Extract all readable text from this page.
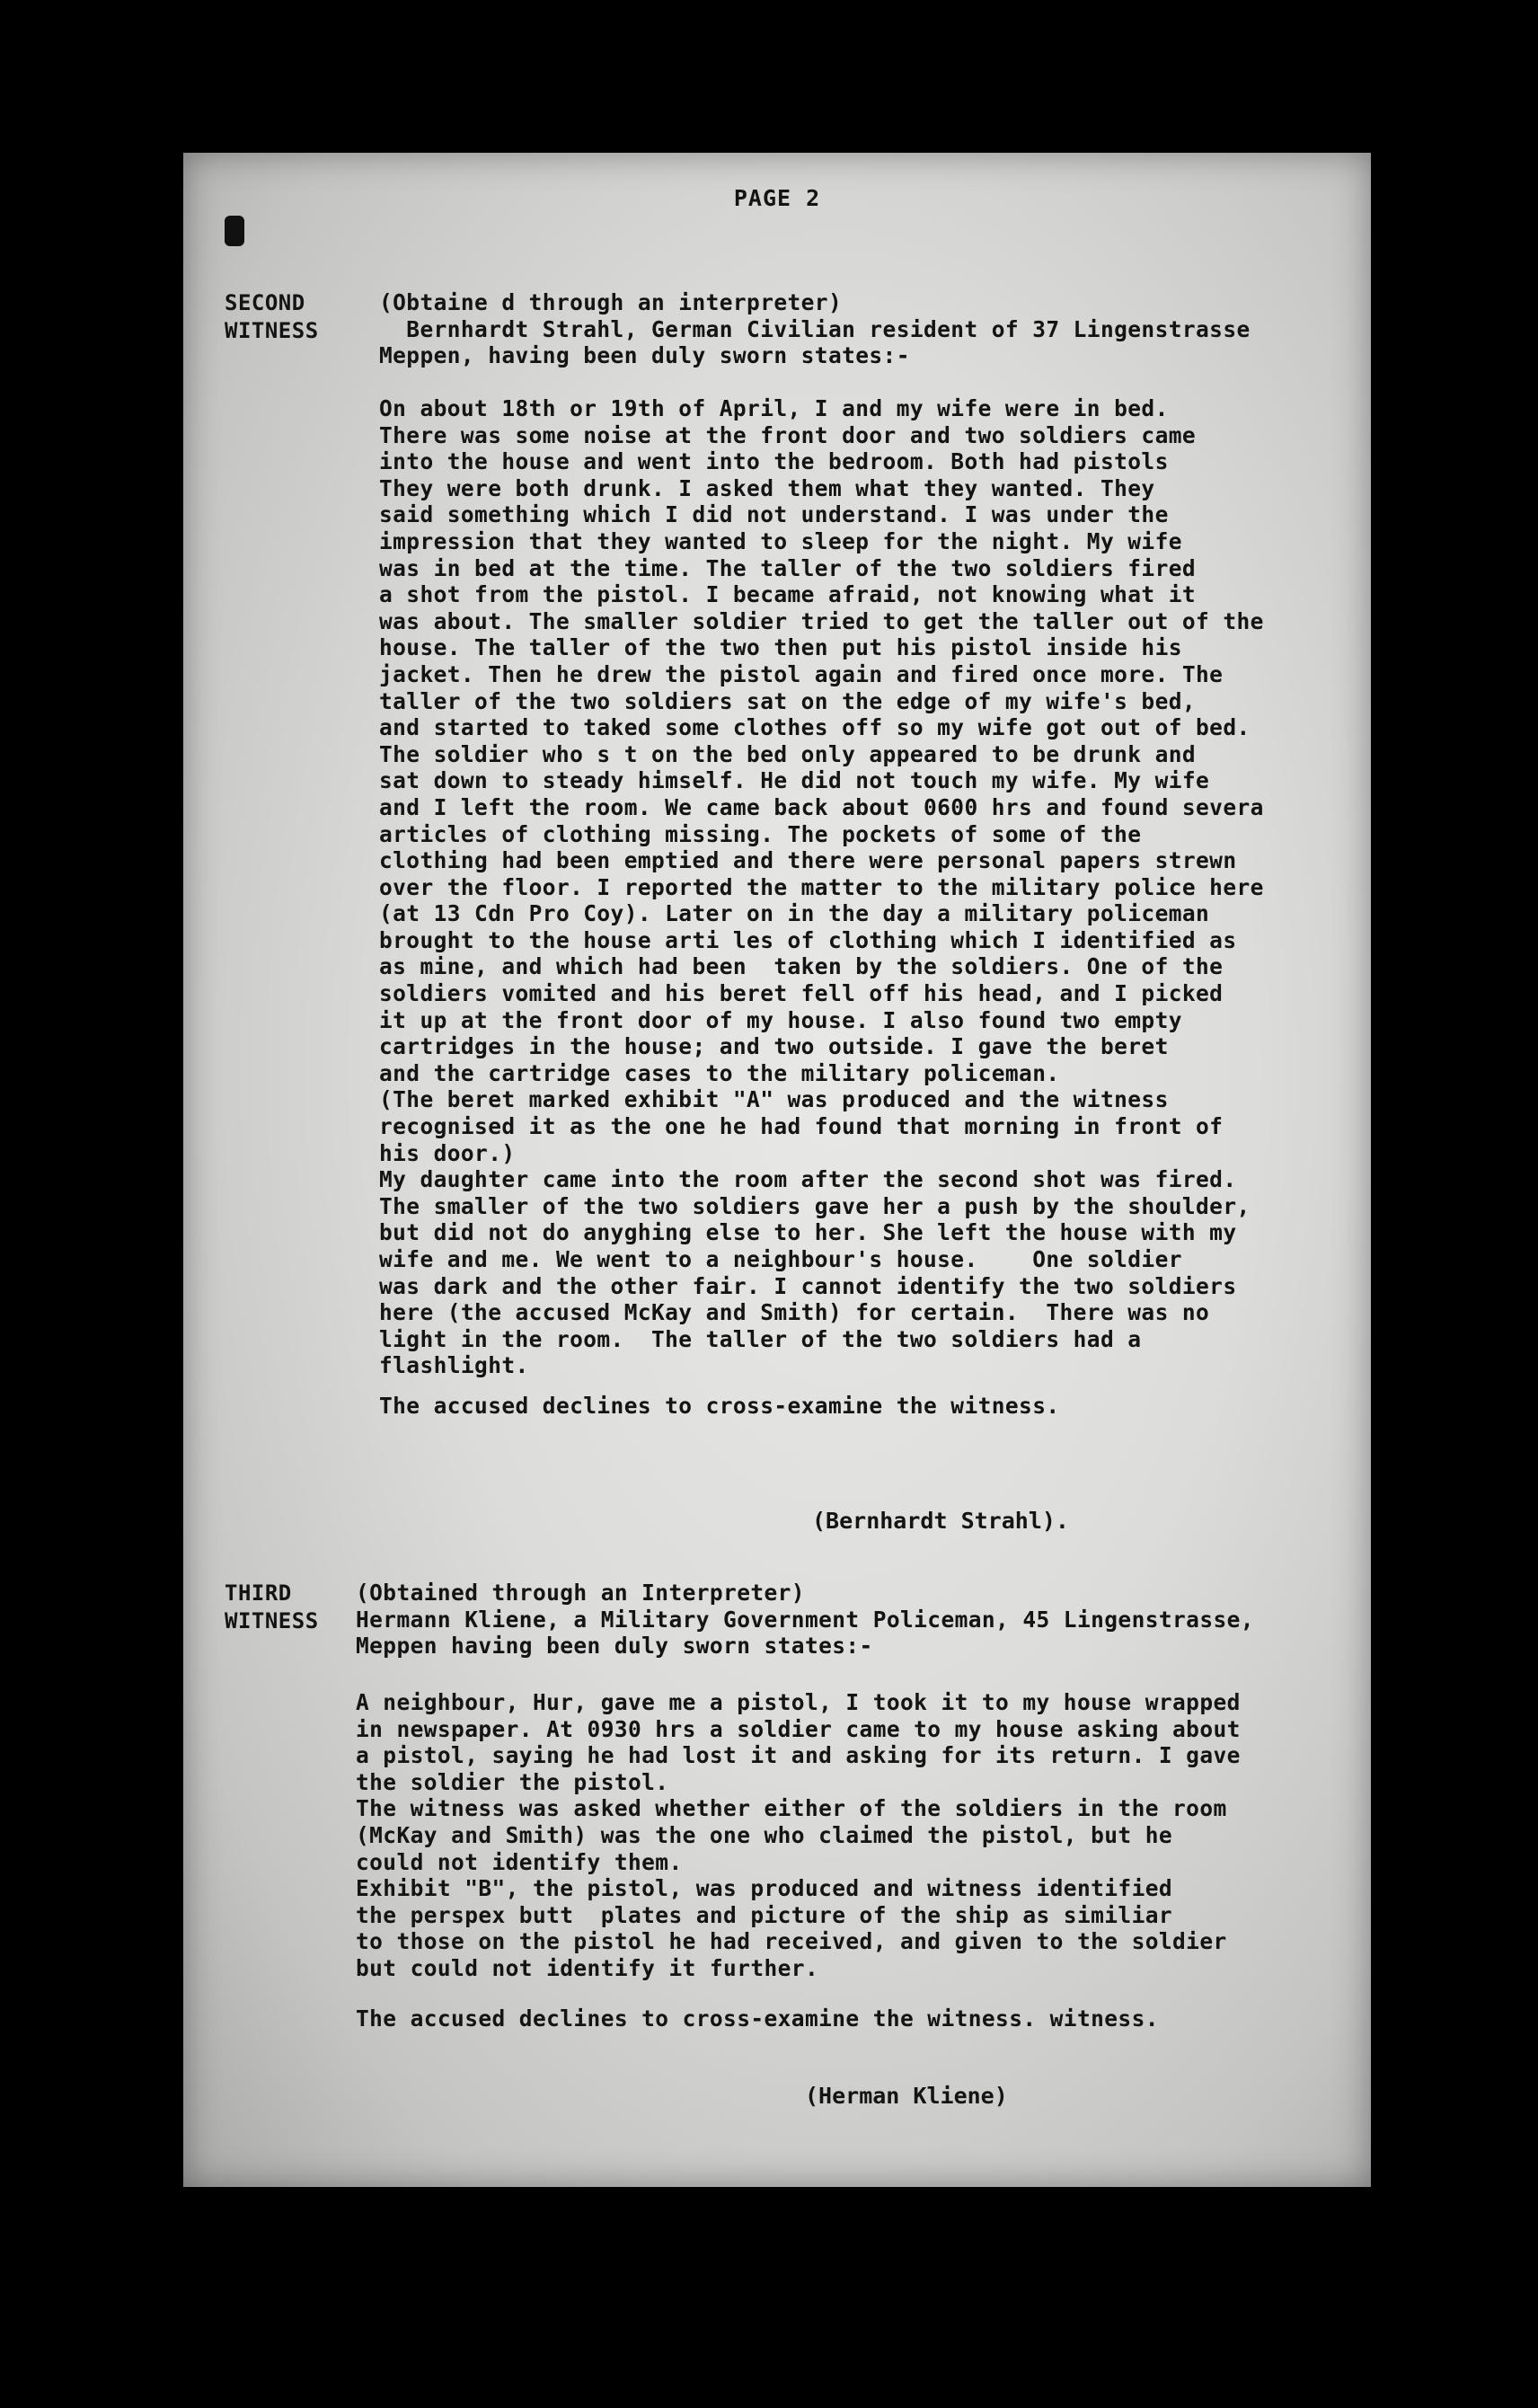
PAGE 2
SECOND
WITNESS
(Obtaine d through an interpreter)
Bernhardt Strahl, German Civilian resident of 37 Lingenstrasse
Meppen, having been duly sworn states:-
On about 18th or 19th of April, I and my wife were in bed.
There was some noise at the front door and two soldiers came
into the house and went into the bedroom. Both had pistols
They were both drunk. I asked them what they wanted. They
said something which I did not understand. I was under the
impression that they wanted to sleep for the night. My wife
was in bed at the time. The taller of the two soldiers fired
a shot from the pistol. I became afraid, not knowing what it
was about. The smaller soldier tried to get the taller out of the
house. The taller of the two then put his pistol inside his
jacket. Then he drew the pistol again and fired once more. The
taller of the two soldiers sat on the edge of my wife's bed,
and started to taked some clothes off so my wife got out of bed.
The soldier who s t on the bed only appeared to be drunk and
sat down to steady himself. He did not touch my wife. My wife
and I left the room. We came back about 0600 hrs and found severa
articles of clothing missing. The pockets of some of the
clothing had been emptied and there were personal papers strewn
over the floor. I reported the matter to the military police here
(at 13 Cdn Pro Coy). Later on in the day a military policeman
brought to the house arti les of clothing which I identified as
as mine, and which had been  taken by the soldiers. One of the
soldiers vomited and his beret fell off his head, and I picked
it up at the front door of my house. I also found two empty
cartridges in the house; and two outside. I gave the beret
and the cartridge cases to the military policeman.
(The beret marked exhibit "A" was produced and the witness
recognised it as the one he had found that morning in front of
his door.)
My daughter came into the room after the second shot was fired.
The smaller of the two soldiers gave her a push by the shoulder,
but did not do anyghing else to her. She left the house with my
wife and me. We went to a neighbour's house.    One soldier
was dark and the other fair. I cannot identify the two soldiers
here (the accused McKay and Smith) for certain.  There was no
light in the room.  The taller of the two soldiers had a
flashlight.
The accused declines to cross-examine the witness.
(Bernhardt Strahl).
THIRD
WITNESS
(Obtained through an Interpreter)
Hermann Kliene, a Military Government Policeman, 45 Lingenstrasse,
Meppen having been duly sworn states:-
A neighbour, Hur, gave me a pistol, I took it to my house wrapped
in newspaper. At 0930 hrs a soldier came to my house asking about
a pistol, saying he had lost it and asking for its return. I gave
the soldier the pistol.
The witness was asked whether either of the soldiers in the room
(McKay and Smith) was the one who claimed the pistol, but he
could not identify them.
Exhibit "B", the pistol, was produced and witness identified
the perspex butt  plates and picture of the ship as similiar
to those on the pistol he had received, and given to the soldier
but could not identify it further.
The accused declines to cross-examine the witness. witness.
(Herman Kliene)
